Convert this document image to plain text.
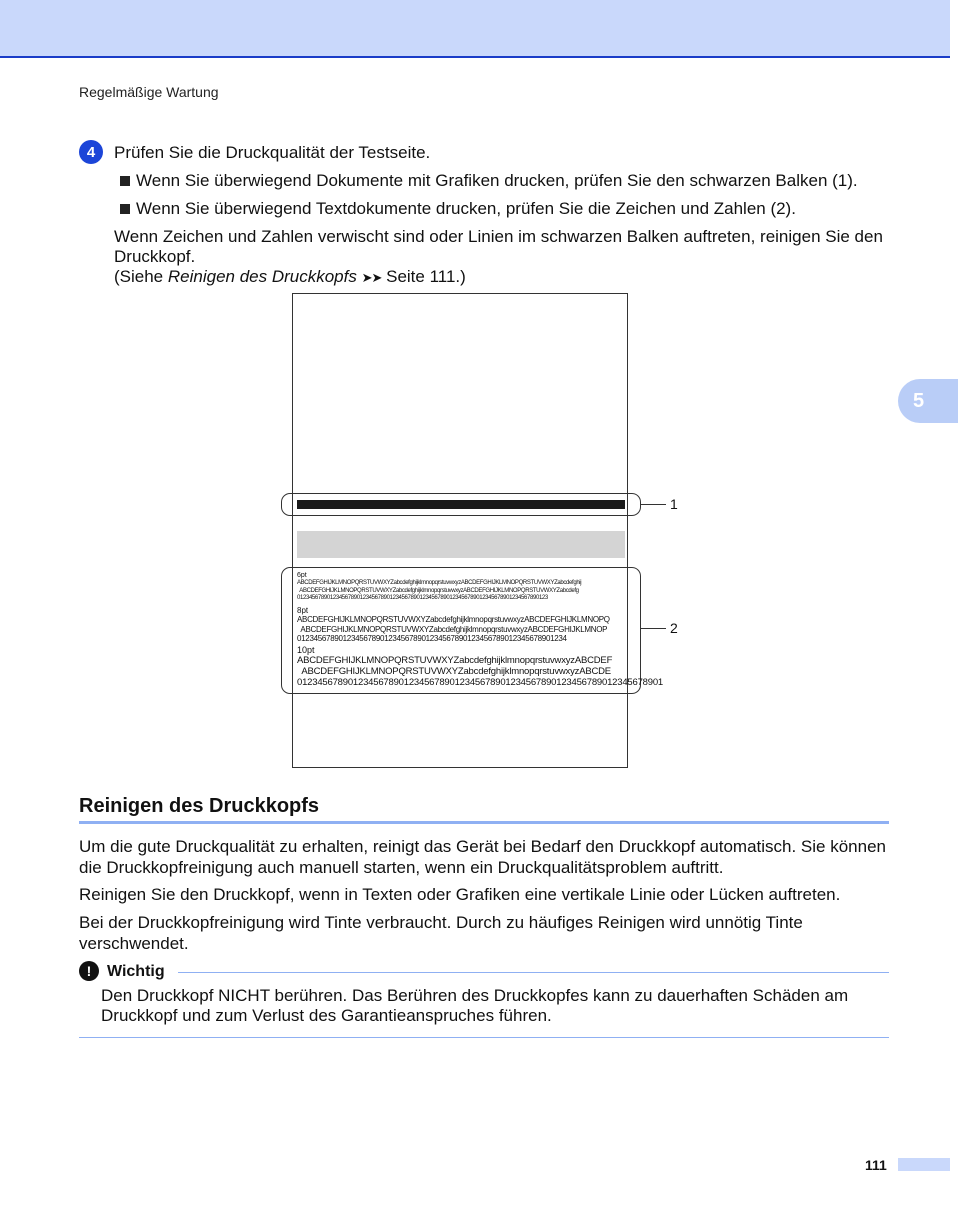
Regelmäßige Wartung
5
4 Prüfen Sie die Druckqualität der Testseite.
Wenn Sie überwiegend Dokumente mit Grafiken drucken, prüfen Sie den schwarzen Balken (1).
Wenn Sie überwiegend Textdokumente drucken, prüfen Sie die Zeichen und Zahlen (2).
Wenn Zeichen und Zahlen verwischt sind oder Linien im schwarzen Balken auftreten, reinigen Sie den Druckkopf.
(Siehe Reinigen des Druckkopfs ➤➤ Seite 111.)
1
2
6pt
ABCDEFGHIJKLMNOPQRSTUVWXYZabcdefghijklmnopqrstuvwxyzABCDEFGHIJKLMNOPQRSTUVWXYZabcdefghij
ABCDEFGHIJKLMNOPQRSTUVWXYZabcdefghijklmnopqrstuvwxyzABCDEFGHIJKLMNOPQRSTUVWXYZabcdefg
012345678901234567890123456789012345678901234567890123456789012345678901234567890123
8pt
ABCDEFGHIJKLMNOPQRSTUVWXYZabcdefghijklmnopqrstuvwxyzABCDEFGHIJKLMNOPQ
ABCDEFGHIJKLMNOPQRSTUVWXYZabcdefghijklmnopqrstuvwxyzABCDEFGHIJKLMNOP
01234567890123456789012345678901234567890123456789012345678901234
10pt
ABCDEFGHIJKLMNOPQRSTUVWXYZabcdefghijklmnopqrstuvwxyzABCDEF
ABCDEFGHIJKLMNOPQRSTUVWXYZabcdefghijklmnopqrstuvwxyzABCDE
012345678901234567890123456789012345678901234567890123456789012345678901
Reinigen des Druckkopfs
Um die gute Druckqualität zu erhalten, reinigt das Gerät bei Bedarf den Druckkopf automatisch. Sie können die Druckkopfreinigung auch manuell starten, wenn ein Druckqualitätsproblem auftritt.
Reinigen Sie den Druckkopf, wenn in Texten oder Grafiken eine vertikale Linie oder Lücken auftreten.
Bei der Druckkopfreinigung wird Tinte verbraucht. Durch zu häufiges Reinigen wird unnötig Tinte verschwendet.
! Wichtig
Den Druckkopf NICHT berühren. Das Berühren des Druckkopfes kann zu dauerhaften Schäden am Druckkopf und zum Verlust des Garantieanspruches führen.
111
